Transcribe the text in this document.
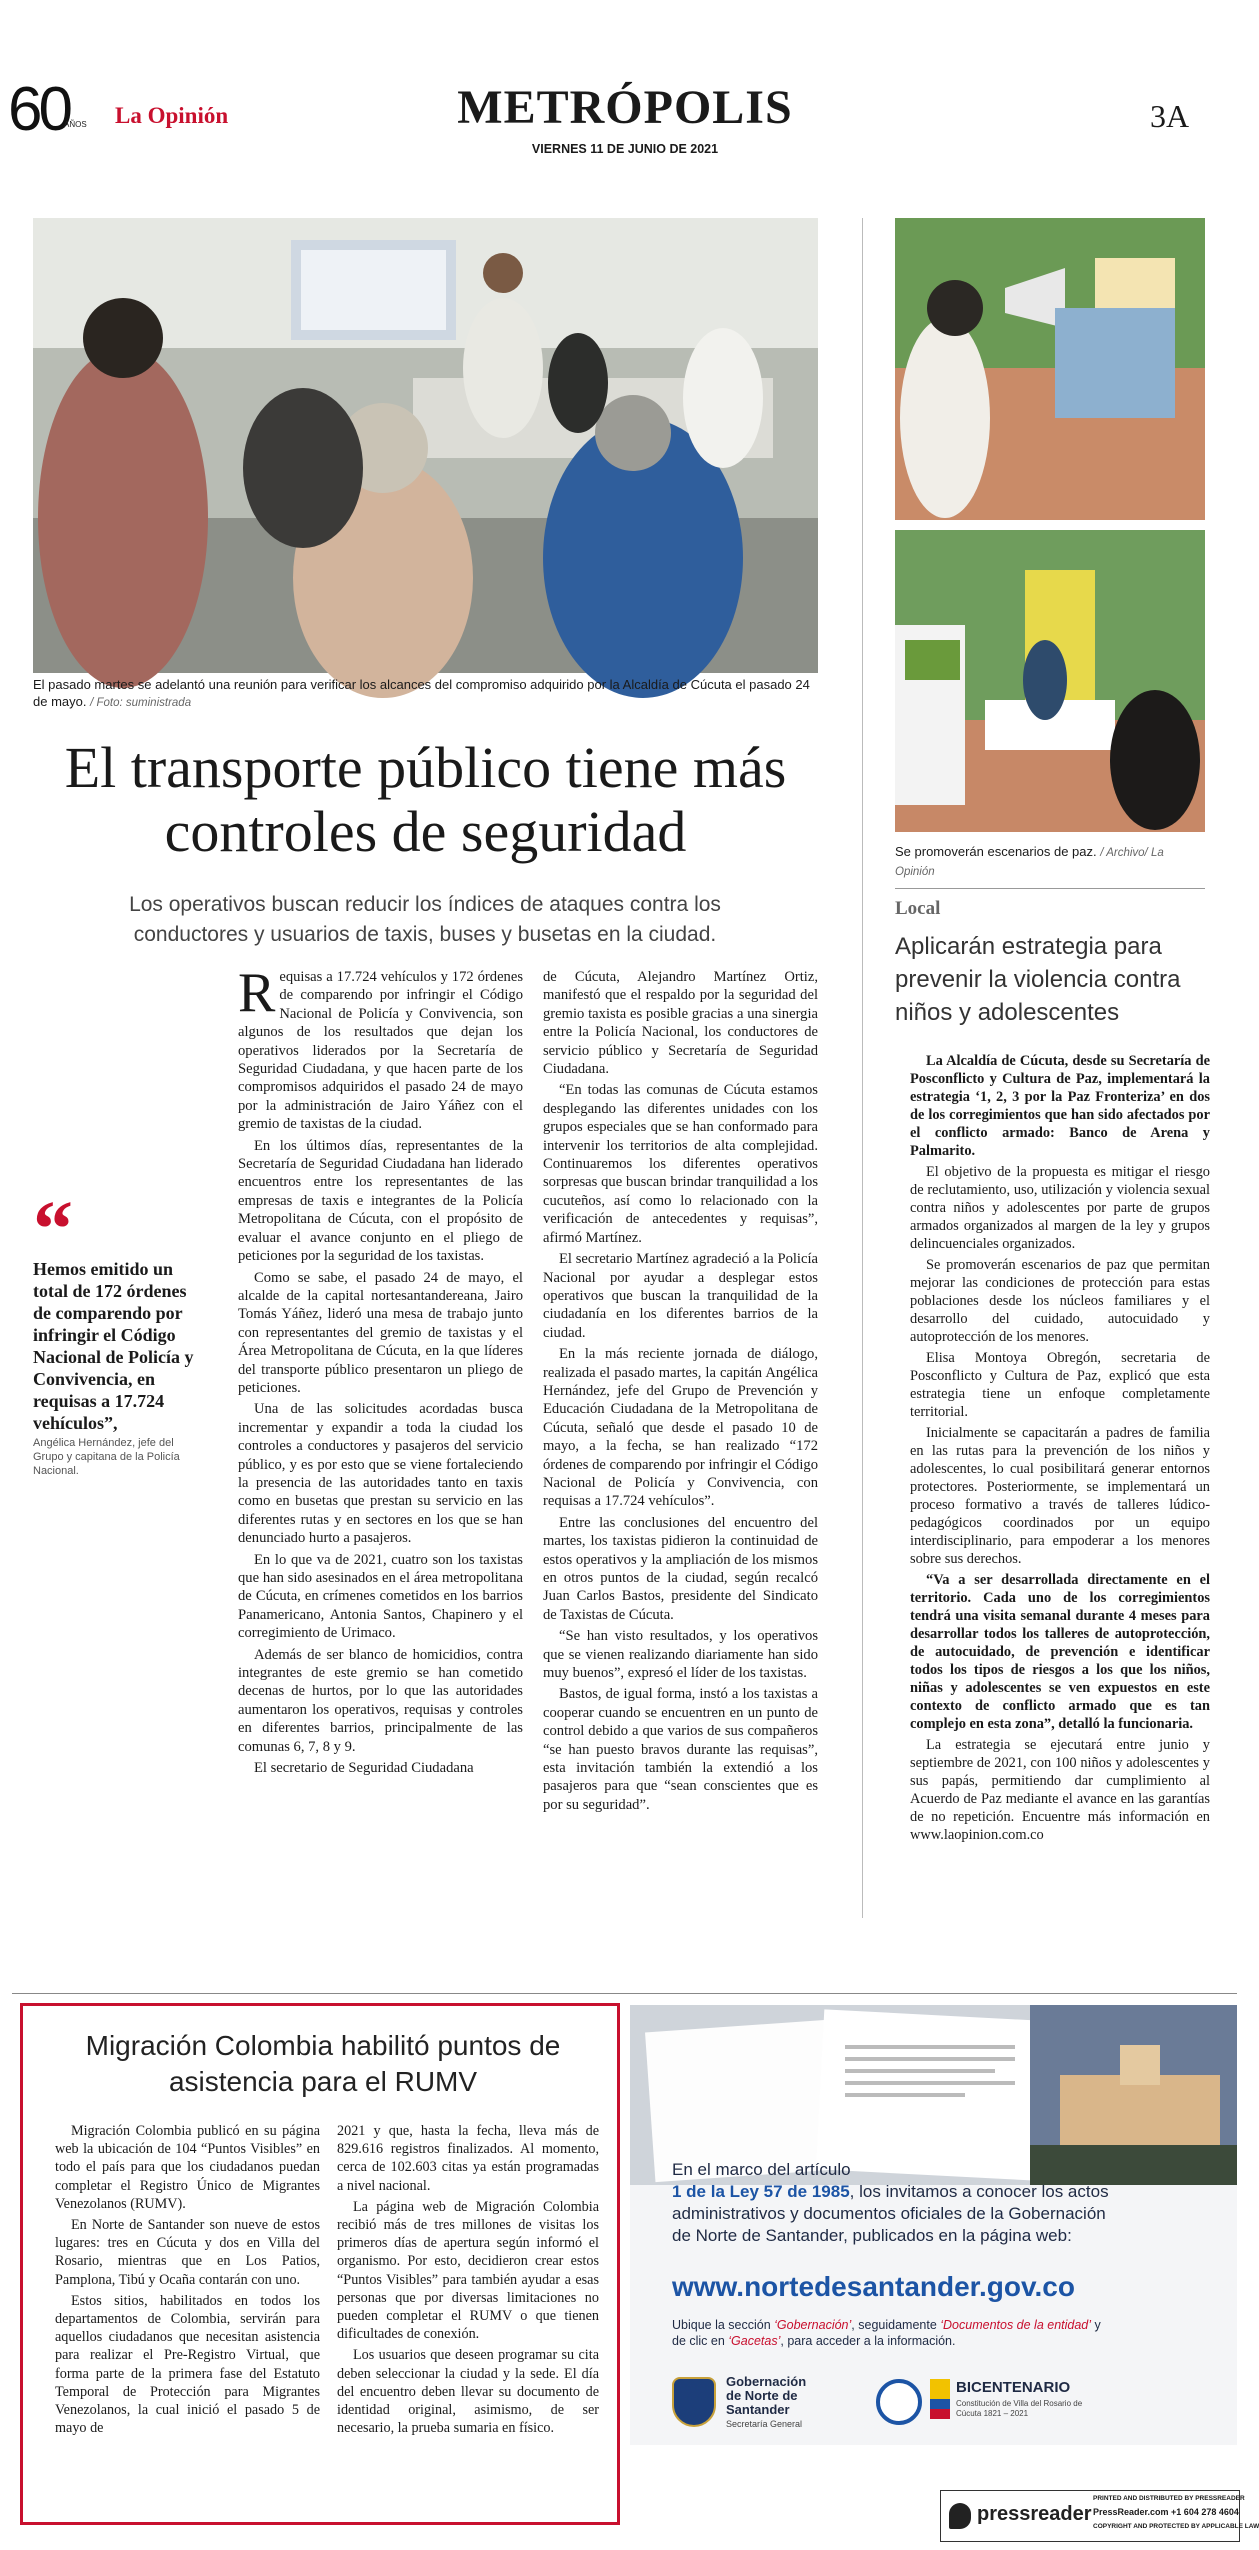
60
AÑOS La Opinión	METRÓPOLIS
VIERNES 11 DE JUNIO DE 2021
3A
El pasado martes se adelantó una reunión para verificar los alcances del compromiso adquirido por la Alcaldía de Cúcuta el pasado 24 de mayo. / Foto: suministrada
El transporte público tiene más controles de seguridad
Los operativos buscan reducir los índices de ataques contra los conductores y usuarios de taxis, buses y busetas en la ciudad.
“
Hemos emitido un total de 172 órdenes de comparendo por infringir el Código Nacional de Policía y Convivencia, en requisas a 17.724 vehículos”,
Angélica Hernández, jefe del Grupo y capitana de la Policía Nacional.

Requisas a 17.724 vehículos y 172 órdenes de comparendo por infringir el Código Nacional de Policía y Convivencia, son algunos de los resultados que dejan los operativos liderados por la Secretaría de Seguridad Ciudadana, y que hacen parte de los compromisos adquiridos el pasado 24 de mayo por la administración de Jairo Yáñez con el gremio de taxistas de la ciudad.

En los últimos días, representantes de la Secretaría de Seguridad Ciudadana han liderado encuentros entre los representantes de las empresas de taxis e integrantes de la Policía Metropolitana de Cúcuta, con el propósito de evaluar el avance conjunto en el pliego de peticiones por la seguridad de los taxistas.

Como se sabe, el pasado 24 de mayo, el alcalde de la capital nortesantandereana, Jairo Tomás Yáñez, lideró una mesa de trabajo junto con representantes del gremio de taxistas y el Área Metropolitana de Cúcuta, en la que líderes del transporte público presentaron un pliego de peticiones.

Una de las solicitudes acordadas busca incrementar y expandir a toda la ciudad los controles a conductores y pasajeros del servicio público, y es por esto que se viene fortaleciendo la presencia de las autoridades tanto en taxis como en busetas que prestan su servicio en las diferentes rutas y en sectores en los que se han denunciado hurto a pasajeros.

En lo que va de 2021, cuatro son los taxistas que han sido asesinados en el área metropolitana de Cúcuta, en crímenes cometidos en los barrios Panamericano, Antonia Santos, Chapinero y el corregimiento de Urimaco.

Además de ser blanco de homicidios, contra integrantes de este gremio se han cometido decenas de hurtos, por lo que las autoridades aumentaron los operativos, requisas y controles en diferentes barrios, principalmente de las comunas 6, 7, 8 y 9.

El secretario de Seguridad Ciudadana

de Cúcuta, Alejandro Martínez Ortiz, manifestó que el respaldo por la seguridad del gremio taxista es posible gracias a una sinergia entre la Policía Nacional, los conductores de servicio público y Secretaría de Seguridad Ciudadana.

“En todas las comunas de Cúcuta estamos desplegando las diferentes unidades con los grupos especiales que se han conformado para intervenir los territorios de alta complejidad. Continuaremos los diferentes operativos sorpresas que buscan brindar tranquilidad a los cucuteños, así como lo relacionado con la verificación de antecedentes y requisas”, afirmó Martínez.

El secretario Martínez agradeció a la Policía Nacional por ayudar a desplegar estos operativos que buscan la tranquilidad de la ciudadanía en los diferentes barrios de la ciudad.

En la más reciente jornada de diálogo, realizada el pasado martes, la capitán Angélica Hernández, jefe del Grupo de Prevención y Educación Ciudadana de la Metropolitana de Cúcuta, señaló que desde el pasado 10 de mayo, a la fecha, se han realizado “172 órdenes de comparendo por infringir el Código Nacional de Policía y Convivencia, con requisas a 17.724 vehículos”.

Entre las conclusiones del encuentro del martes, los taxistas pidieron la continuidad de estos operativos y la ampliación de los mismos en otros puntos de la ciudad, según recalcó Juan Carlos Bastos, presidente del Sindicato de Taxistas de Cúcuta.

“Se han visto resultados, y los operativos que se vienen realizando diariamente han sido muy buenos”, expresó el líder de los taxistas.

Bastos, de igual forma, instó a los taxistas a cooperar cuando se encuentren en un punto de control debido a que varios de sus compañeros “se han puesto bravos durante las requisas”, esta invitación también la extendió a los pasajeros para que “sean conscientes que es por su seguridad”.

Se promoverán escenarios de paz. / Archivo/ La Opinión
Local
Aplicarán estrategia para prevenir la violencia contra niños y adolescentes

La Alcaldía de Cúcuta, desde su Secretaría de Posconflicto y Cultura de Paz, implementará la estrategia ‘1, 2, 3 por la Paz Fronteriza’ en dos de los corregimientos que han sido afectados por el conflicto armado: Banco de Arena y Palmarito.

El objetivo de la propuesta es mitigar el riesgo de reclutamiento, uso, utilización y violencia sexual contra niños y adolescentes por parte de grupos armados organizados al margen de la ley y grupos delincuenciales organizados.

Se promoverán escenarios de paz que permitan mejorar las condiciones de protección para estas poblaciones desde los núcleos familiares y el desarrollo del cuidado, autocuidado y autoprotección de los menores.

Elisa Montoya Obregón, secretaria de Posconflicto y Cultura de Paz, explicó que esta estrategia tiene un enfoque completamente territorial.

Inicialmente se capacitarán a padres de familia en las rutas para la prevención de los niños y adolescentes, lo cual posibilitará generar entornos protectores. Posteriormente, se implementará un proceso formativo a través de talleres lúdico-pedagógicos coordinados por un equipo interdisciplinario, para empoderar a los menores sobre sus derechos.

“Va a ser desarrollada directamente en el territorio. Cada uno de los corregimientos tendrá una visita semanal durante 4 meses para desarrollar todos los talleres de autoprotección, de autocuidado, de prevención e identificar todos los tipos de riesgos a los que los niños, niñas y adolescentes se ven expuestos en este contexto de conflicto armado que es tan complejo en esta zona”, detalló la funcionaria.

La estrategia se ejecutará entre junio y septiembre de 2021, con 100 niños y adolescentes y sus papás, permitiendo dar cumplimiento al Acuerdo de Paz mediante el avance en las garantías de no repetición. Encuentre más información en www.laopinion.com.co

Migración Colombia habilitó puntos de asistencia para el RUMV

Migración Colombia publicó en su página web la ubicación de 104 “Puntos Visibles” en todo el país para que los ciudadanos puedan completar el Registro Único de Migrantes Venezolanos (RUMV).

En Norte de Santander son nueve de estos lugares: tres en Cúcuta y dos en Villa del Rosario, mientras que en Los Patios, Pamplona, Tibú y Ocaña contarán con uno.

Estos sitios, habilitados en todos los departamentos de Colombia, servirán para aquellos ciudadanos que necesitan asistencia para realizar el Pre-Registro Virtual, que forma parte de la primera fase del Estatuto Temporal de Protección para Migrantes Venezolanos, la cual inició el pasado 5 de mayo de

2021 y que, hasta la fecha, lleva más de 829.616 registros finalizados. Al momento, cerca de 102.603 citas ya están programadas a nivel nacional.

La página web de Migración Colombia recibió más de tres millones de visitas los primeros días de apertura según informó el organismo. Por esto, decidieron crear estos “Puntos Visibles” para también ayudar a esas personas que por diversas limitaciones no pueden completar el RUMV o que tienen dificultades de conexión.

Los usuarios que deseen programar su cita deben seleccionar la ciudad y la sede. El día del encuentro deben llevar su documento de identidad original, asimismo, de ser necesario, la prueba sumaria en físico.

En el marco del artículo
1 de la Ley 57 de 1985, los invitamos a conocer los actos administrativos y documentos oficiales de la Gobernación de Norte de Santander, publicados en la página web:
www.nortedesantander.gov.co
Ubique la sección ‘Gobernación’, seguidamente ‘Documentos de la entidad’ y de clic en ‘Gacetas’, para acceder a la información.
Gobernación
de Norte de
Santander
Secretaría General
BICENTENARIO
Constitución de Villa del Rosario de Cúcuta 1821 – 2021
pressreader
PRINTED AND DISTRIBUTED BY PRESSREADER
PressReader.com +1 604 278 4604
COPYRIGHT AND PROTECTED BY APPLICABLE LAW
